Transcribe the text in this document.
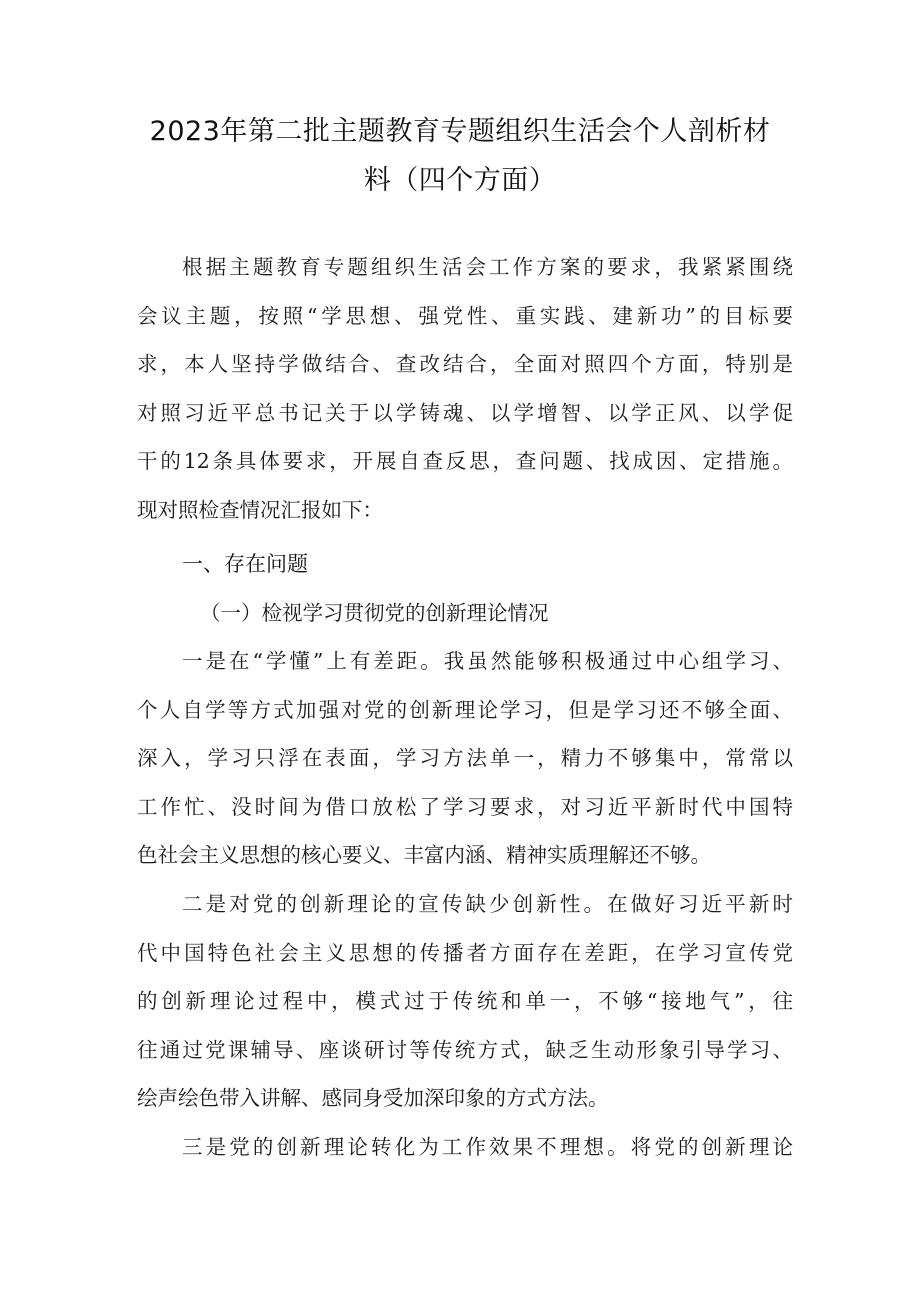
2023年第二批主题教育专题组织生活会个人剖析材
料（四个方面）
根据主题教育专题组织生活会工作方案的要求，我紧紧围绕
会议主题，按照“学思想、强党性、重实践、建新功”的目标要
求，本人坚持学做结合、查改结合，全面对照四个方面，特别是
对照习近平总书记关于以学铸魂、以学增智、以学正风、以学促
干的12条具体要求，开展自查反思，查问题、找成因、定措施。
现对照检查情况汇报如下：
一、存在问题
（一）检视学习贯彻党的创新理论情况
一是在“学懂”上有差距。我虽然能够积极通过中心组学习、
个人自学等方式加强对党的创新理论学习，但是学习还不够全面、
深入，学习只浮在表面，学习方法单一，精力不够集中，常常以
工作忙、没时间为借口放松了学习要求，对习近平新时代中国特
色社会主义思想的核心要义、丰富内涵、精神实质理解还不够。
二是对党的创新理论的宣传缺少创新性。在做好习近平新时
代中国特色社会主义思想的传播者方面存在差距，在学习宣传党
的创新理论过程中，模式过于传统和单一，不够“接地气”，往
往通过党课辅导、座谈研讨等传统方式，缺乏生动形象引导学习、
绘声绘色带入讲解、感同身受加深印象的方式方法。
三是党的创新理论转化为工作效果不理想。将党的创新理论
